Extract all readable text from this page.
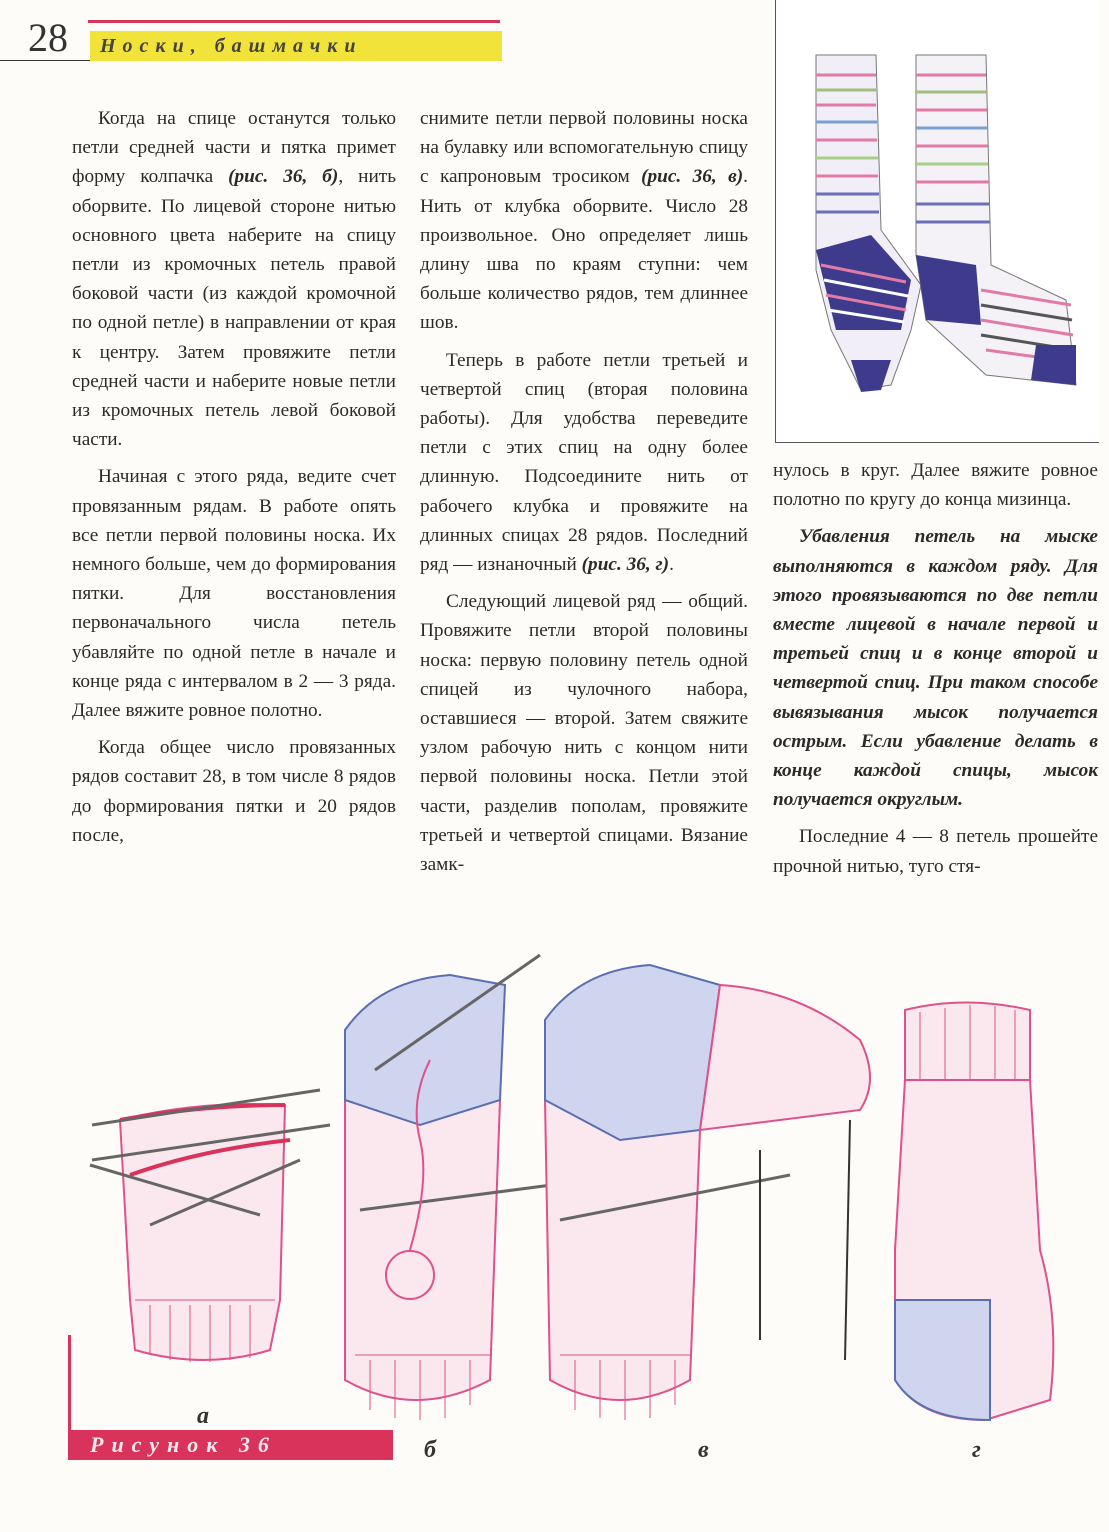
28 Носки, башмачки

Когда на спице останутся только петли средней части и пятка примет форму колпачка (рис. 36, б), нить оборвите. По лицевой стороне нитью основного цвета наберите на спицу петли из кромочных петель правой боковой части (из каждой кромочной по одной петле) в направлении от края к центру. Затем провяжите петли средней части и наберите новые петли из кромочных петель левой боковой части.

Начиная с этого ряда, ведите счет провязанным рядам. В работе опять все петли первой половины носка. Их немного больше, чем до формирования пятки. Для восстановления первоначального числа петель убавляйте по одной петле в начале и конце ряда с интервалом в 2 — 3 ряда. Далее вяжите ровное полотно.

Когда общее число провязанных рядов составит 28, в том числе 8 рядов до формирования пятки и 20 рядов после,

снимите петли первой половины носка на булавку или вспомогательную спицу с капроновым тросиком (рис. 36, в). Нить от клубка оборвите. Число 28 произвольное. Оно определяет лишь длину шва по краям ступни: чем больше количество рядов, тем длиннее шов.

Теперь в работе петли третьей и четвертой спиц (вторая половина работы). Для удобства переведите петли с этих спиц на одну более длинную. Подсоедините нить от рабочего клубка и провяжите на длинных спицах 28 рядов. Последний ряд — изнаночный (рис. 36, г).

Следующий лицевой ряд — общий. Провяжите петли второй половины носка: первую половину петель одной спицей из чулочного набора, оставшиеся — второй. Затем свяжите узлом рабочую нить с концом нити первой половины носка. Петли этой части, разделив пополам, провяжите третьей и четвертой спицами. Вязание замк-

нулось в круг. Далее вяжите ровное полотно по кругу до конца мизинца.

Убавления петель на мыске выполняются в каждом ряду. Для этого провязываются по две петли вместе лицевой в начале первой и третьей спиц и в конце второй и четвертой спиц. При таком способе вывязывания мысок получается острым. Если убавление делать в конце каждой спицы, мысок получается округлым.

Последние 4 — 8 петель прошейте прочной нитью, туго стя-

Рисунок 36
а
б	в	г
